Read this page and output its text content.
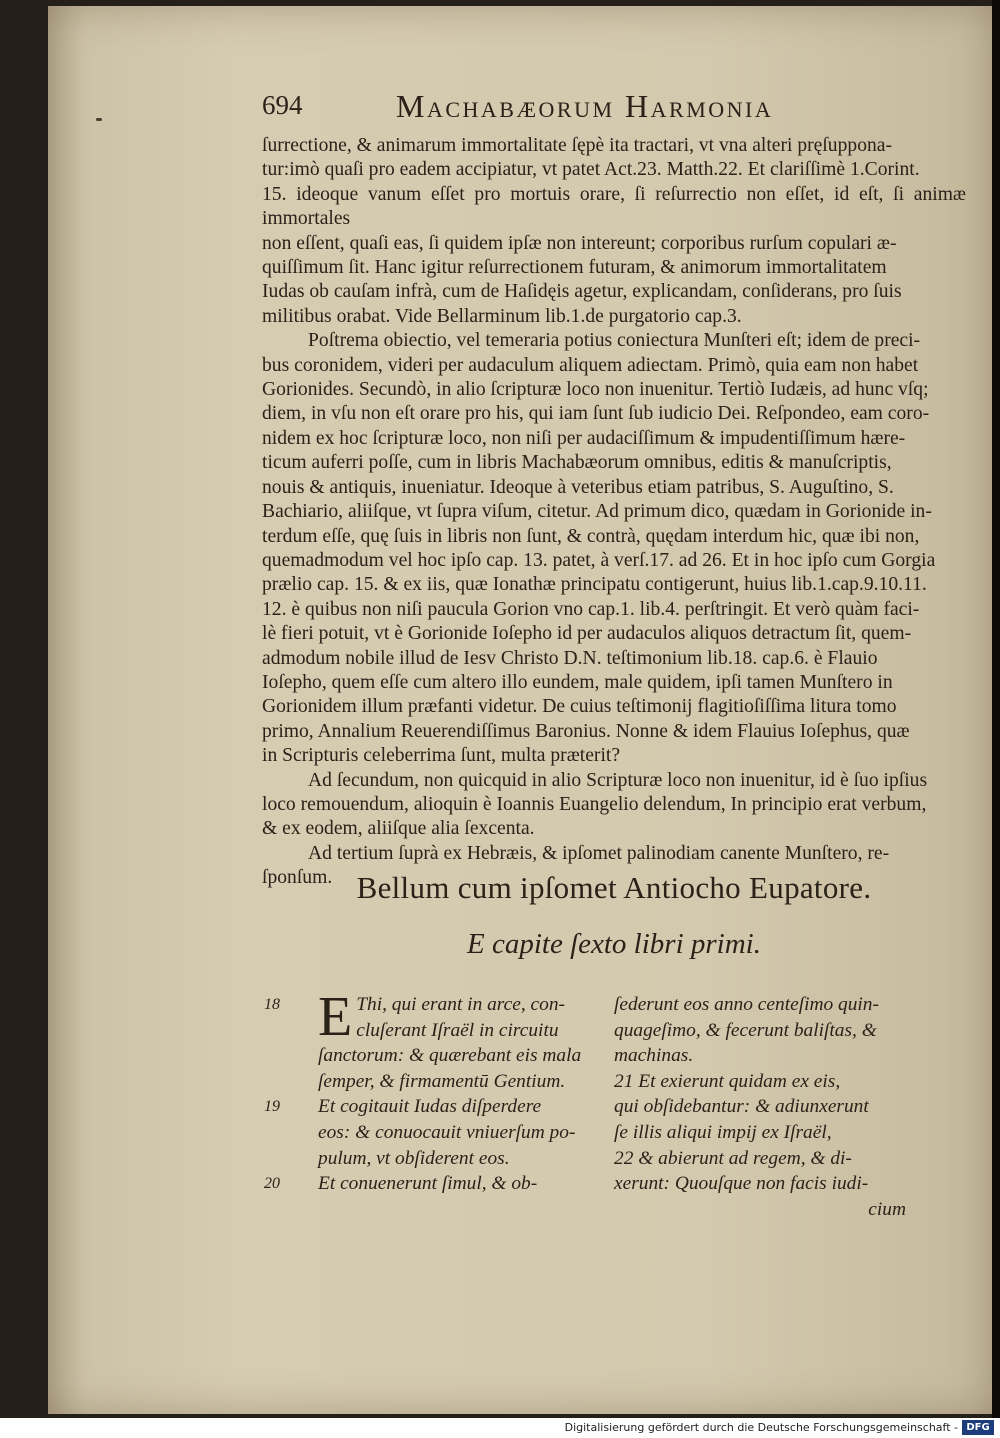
694	Machabæorum Harmonia

ſurrectione, & animarum immortalitate ſępè ita tractari, vt vna alteri pręſuppona-

tur:imò quaſi pro eadem accipiatur, vt patet Act.23. Matth.22. Et clariſſimè 1.Corint.

15. ideoque vanum eſſet pro mortuis orare, ſi reſurrectio non eſſet, id eſt, ſi animæ immortales

non eſſent, quaſi eas, ſi quidem ipſæ non intereunt; corporibus rurſum copulari æ-

quiſſimum ſit. Hanc igitur reſurrectionem futuram, & animorum immortalitatem

Iudas ob cauſam infrà, cum de Haſidęis agetur, explicandam, conſiderans, pro ſuis

militibus orabat. Vide Bellarminum lib.1.de purgatorio cap.3.

Poſtrema obiectio, vel temeraria potius coniectura Munſteri eſt; idem de preci-

bus coronidem, videri per audaculum aliquem adiectam. Primò, quia eam non habet

Gorionides. Secundò, in alio ſcripturæ loco non inuenitur. Tertiò Iudæis, ad hunc vſq;

diem, in vſu non eſt orare pro his, qui iam ſunt ſub iudicio Dei. Reſpondeo, eam coro-

nidem ex hoc ſcripturæ loco, non niſi per audaciſſimum & impudentiſſimum hære-

ticum auferri poſſe, cum in libris Machabæorum omnibus, editis & manuſcriptis,

nouis & antiquis, inueniatur. Ideoque à veteribus etiam patribus, S. Auguſtino, S.

Bachiario, aliiſque, vt ſupra viſum, citetur. Ad primum dico, quædam in Gorionide in-

terdum eſſe, quę ſuis in libris non ſunt, & contrà, quędam interdum hic, quæ ibi non,

quemadmodum vel hoc ipſo cap. 13. patet, à verſ.17. ad 26. Et in hoc ipſo cum Gorgia

prælio cap. 15. & ex iis, quæ Ionathæ principatu contigerunt, huius lib.1.cap.9.10.11.

12. è quibus non niſi paucula Gorion vno cap.1. lib.4. perſtringit. Et verò quàm faci-

lè fieri potuit, vt è Gorionide Ioſepho id per audaculos aliquos detractum ſit, quem-

admodum nobile illud de Iesv Christo D.N. teſtimonium lib.18. cap.6. è Flauio

Ioſepho, quem eſſe cum altero illo eundem, male quidem, ipſi tamen Munſtero in

Gorionidem illum præfanti videtur. De cuius teſtimonij flagitioſiſſima litura tomo

primo, Annalium Reuerendiſſimus Baronius. Nonne & idem Flauius Ioſephus, quæ

in Scripturis celeberrima ſunt, multa præterit?

Ad ſecundum, non quicquid in alio Scripturæ loco non inuenitur, id è ſuo ipſius

loco remouendum, alioquin è Ioannis Euangelio delendum, In principio erat verbum,

& ex eodem, aliiſque alia ſexcenta.

Ad tertium ſuprà ex Hebræis, & ipſomet palinodiam canente Munſtero, re-

ſponſum. Bellum cum ipſomet Antiocho Eupatore.
E capite ſexto libri primi.
18 E Thi, qui erant in arce, con-
cluſerant Iſraël in circuitu
ſanctorum: & quærebant eis mala
ſemper, & firmamentū Gentium.
19 Et cogitauit Iudas diſperdere
eos: & conuocauit vniuerſum po-
pulum, vt obſiderent eos.
20 Et conuenerunt ſimul, & ob-
ſederunt eos anno centeſimo quin-
quageſimo, & fecerunt baliſtas, &
machinas.
21 Et exierunt quidam ex eis,
qui obſidebantur: & adiunxerunt
ſe illis aliqui impij ex Iſraël,
22 & abierunt ad regem, & di-
xerunt: Quouſque non facis iudi-
cium
Digitalisierung gefördert durch die Deutsche Forschungsgemeinschaft - DFG
